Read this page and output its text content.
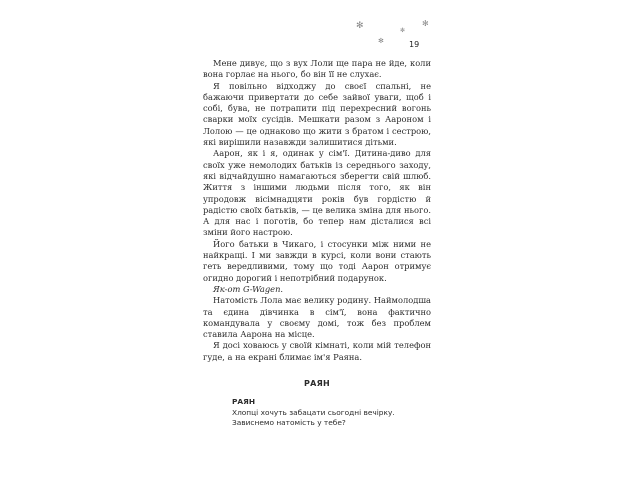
✻
✻
✻
✻
19

Мене дивує, що з вух Лоли ще пара не йде, коли вона горлає на нього, бо він її не слухає.

Я повільно відходжу до своєї спальні, не бажаючи привертати до себе зайвої уваги, щоб і собі, бува, не потрапити під перехресний вогонь сварки моїх сусідів. Мешкати разом з Аароном і Лолою — це однаково що жити з братом і сестрою, які вирішили назавжди залишитися дітьми.

Аарон, як і я, одинак у сім'ї. Дитина-диво для своїх уже немолодих батьків із середнього заходу, які відчайдушно намагаються зберегти свій шлюб. Життя з іншими людьми після того, як він упродовж вісімнадцяти років був гордістю й радістю своїх батьків, — це велика зміна для нього. А для нас і поготів, бо тепер нам дісталися всі зміни його настрою.

Його батьки в Чикаго, і стосунки між ними не найкращі. І ми завжди в курсі, коли вони стають геть вередливими, тому що тоді Аарон отримує огидно дорогий і непотрібний подарунок.

Як-от G-Wagen.

Натомість Лола має велику родину. Наймолодша та єдина дівчинка в сім'ї, вона фактично командувала у своєму домі, тож без проблем ставила Аарона на місце.

Я досі ховаюсь у своїй кімнаті, коли мій телефон гуде, а на екрані блимає ім'я Раяна.

РАЯН
РАЯН
Хлопці хочуть забацати сьогодні вечірку.
Зависнемо натомість у тебе?
